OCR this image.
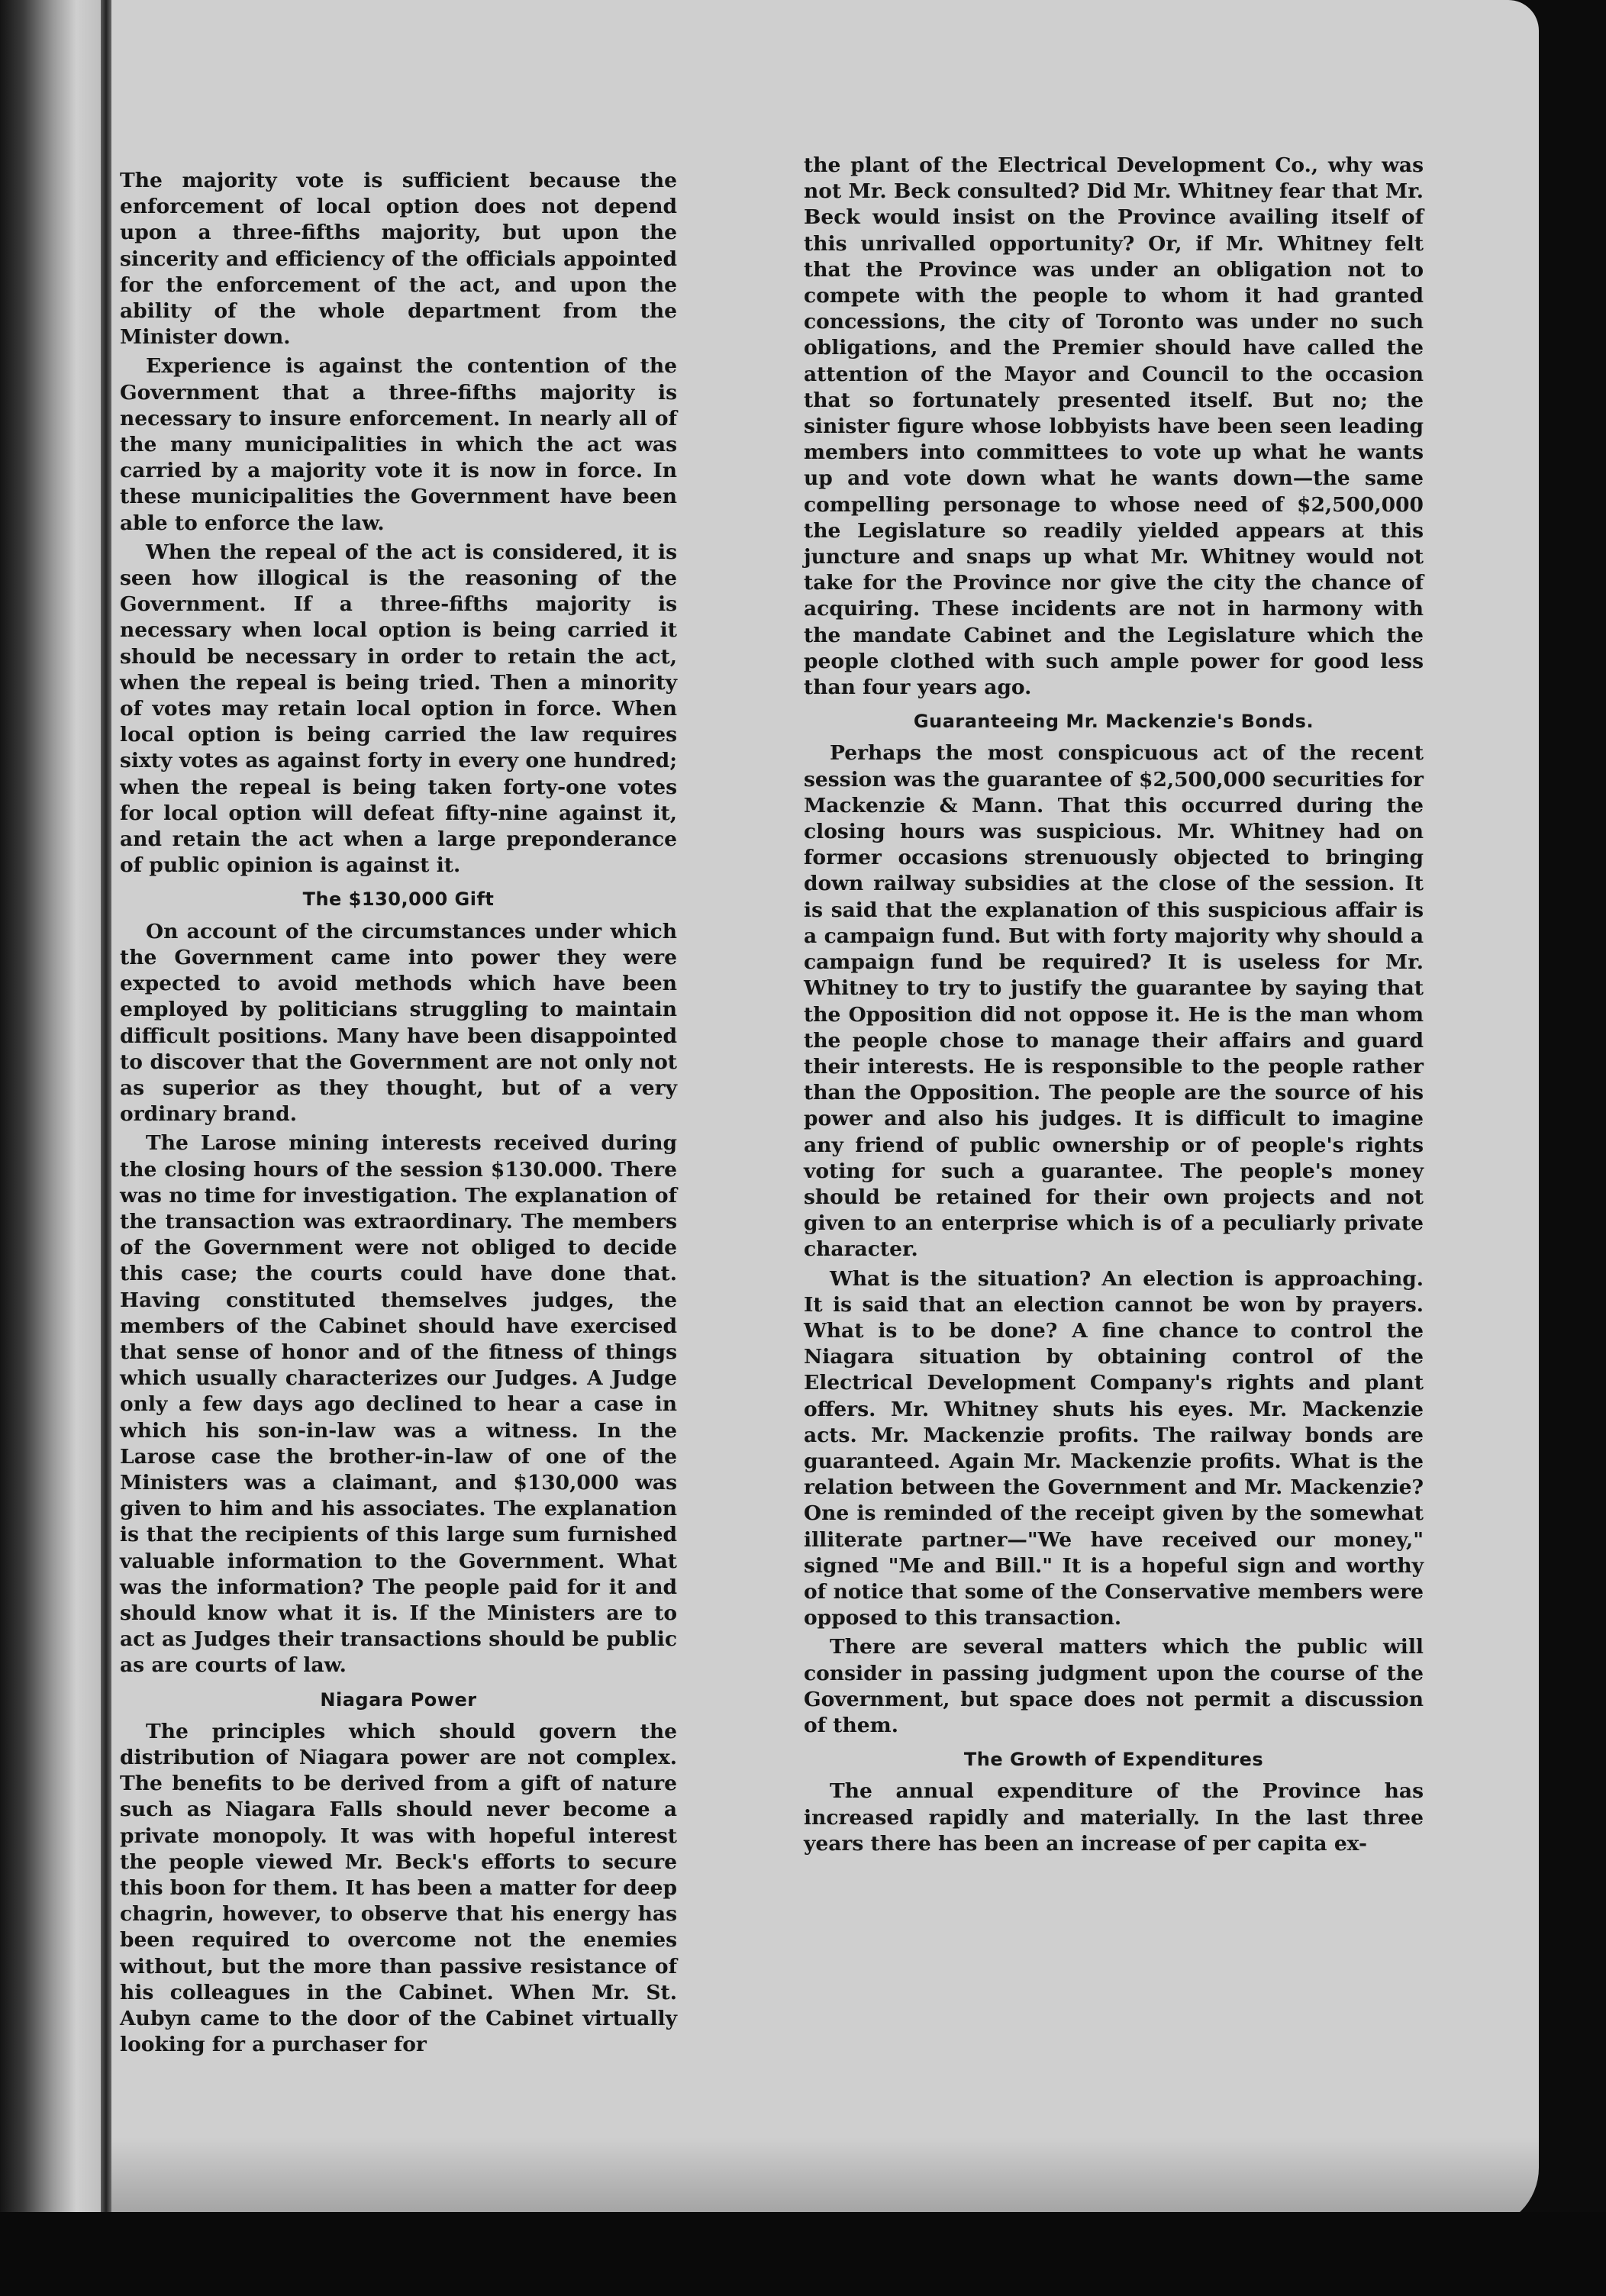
The majority vote is sufficient because the enforcement of local option does not depend upon a three-fifths majority, but upon the sincerity and efficiency of the officials appointed for the enforcement of the act, and upon the ability of the whole department from the Minister down.

Experience is against the contention of the Government that a three-fifths majority is necessary to insure enforcement. In nearly all of the many municipalities in which the act was carried by a majority vote it is now in force. In these municipalities the Government have been able to enforce the law.

When the repeal of the act is considered, it is seen how illogical is the reasoning of the Government. If a three-fifths majority is necessary when local option is being carried it should be necessary in order to retain the act, when the repeal is being tried. Then a minority of votes may retain local option in force. When local option is being carried the law requires sixty votes as against forty in every one hundred; when the repeal is being taken forty-one votes for local option will defeat fifty-nine against it, and retain the act when a large preponderance of public opinion is against it.

The $130,000 Gift

On account of the circumstances under which the Government came into power they were expected to avoid methods which have been employed by politicians struggling to maintain difficult positions. Many have been disappointed to discover that the Government are not only not as superior as they thought, but of a very ordinary brand.

The Larose mining interests received during the closing hours of the session $130.000. There was no time for investigation. The explanation of the transaction was extraordinary. The members of the Government were not obliged to decide this case; the courts could have done that. Having constituted themselves judges, the members of the Cabinet should have exercised that sense of honor and of the fitness of things which usually characterizes our Judges. A Judge only a few days ago declined to hear a case in which his son-in-law was a witness. In the Larose case the brother-in-law of one of the Ministers was a claimant, and $130,000 was given to him and his associates. The explanation is that the recipients of this large sum furnished valuable information to the Government. What was the information? The people paid for it and should know what it is. If the Ministers are to act as Judges their transactions should be public as are courts of law.

Niagara Power

The principles which should govern the distribution of Niagara power are not complex. The benefits to be derived from a gift of nature such as Niagara Falls should never become a private monopoly. It was with hopeful interest the people viewed Mr. Beck's efforts to secure this boon for them. It has been a matter for deep chagrin, however, to observe that his energy has been required to overcome not the enemies without, but the more than passive resistance of his colleagues in the Cabinet. When Mr. St. Aubyn came to the door of the Cabinet virtually looking for a purchaser for

the plant of the Electrical Development Co., why was not Mr. Beck consulted? Did Mr. Whitney fear that Mr. Beck would insist on the Province availing itself of this unrivalled opportunity? Or, if Mr. Whitney felt that the Province was under an obligation not to compete with the people to whom it had granted concessions, the city of Toronto was under no such obligations, and the Premier should have called the attention of the Mayor and Council to the occasion that so fortunately presented itself. But no; the sinister figure whose lobbyists have been seen leading members into committees to vote up what he wants up and vote down what he wants down—the same compelling personage to whose need of $2,500,000 the Legislature so readily yielded appears at this juncture and snaps up what Mr. Whitney would not take for the Province nor give the city the chance of acquiring. These incidents are not in harmony with the mandate Cabinet and the Legislature which the people clothed with such ample power for good less than four years ago.

Guaranteeing Mr. Mackenzie's Bonds.

Perhaps the most conspicuous act of the recent session was the guarantee of $2,500,000 securities for Mackenzie & Mann. That this occurred during the closing hours was suspicious. Mr. Whitney had on former occasions strenuously objected to bringing down railway subsidies at the close of the session. It is said that the explanation of this suspicious affair is a campaign fund. But with forty majority why should a campaign fund be required? It is useless for Mr. Whitney to try to justify the guarantee by saying that the Opposition did not oppose it. He is the man whom the people chose to manage their affairs and guard their interests. He is responsible to the people rather than the Opposition. The people are the source of his power and also his judges. It is difficult to imagine any friend of public ownership or of people's rights voting for such a guarantee. The people's money should be retained for their own projects and not given to an enterprise which is of a peculiarly private character.

What is the situation? An election is approaching. It is said that an election cannot be won by prayers. What is to be done? A fine chance to control the Niagara situation by obtaining control of the Electrical Development Company's rights and plant offers. Mr. Whitney shuts his eyes. Mr. Mackenzie acts. Mr. Mackenzie profits. The railway bonds are guaranteed. Again Mr. Mackenzie profits. What is the relation between the Government and Mr. Mackenzie? One is reminded of the receipt given by the somewhat illiterate partner—"We have received our money," signed "Me and Bill." It is a hopeful sign and worthy of notice that some of the Conservative members were opposed to this transaction.

There are several matters which the public will consider in passing judgment upon the course of the Government, but space does not permit a discussion of them.

The Growth of Expenditures

The annual expenditure of the Province has increased rapidly and materially. In the last three years there has been an increase of per capita ex-
